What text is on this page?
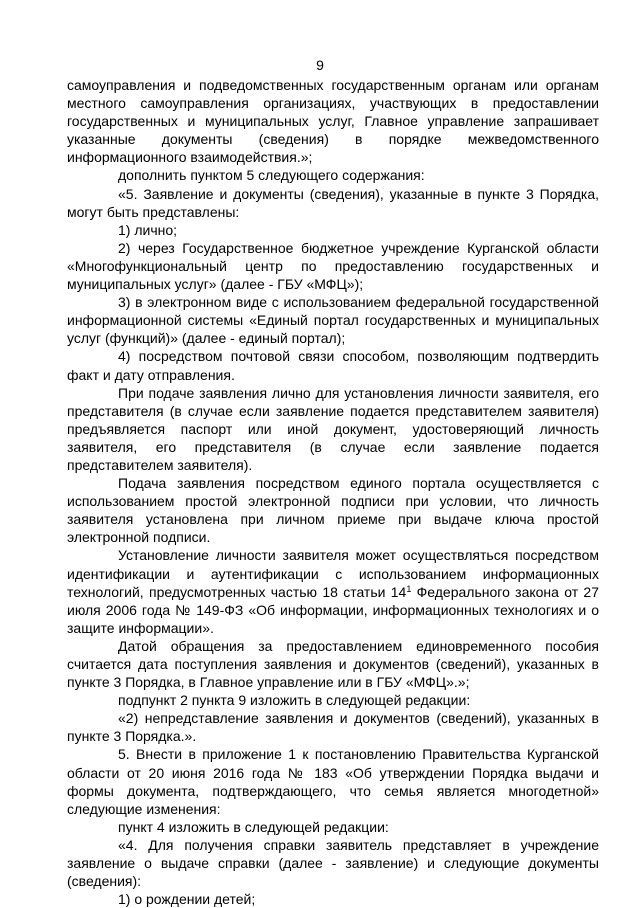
9

самоуправления и подведомственных государственным органам или органам местного самоуправления организациях, участвующих в предоставлении государственных и муниципальных услуг, Главное управление запрашивает указанные документы (сведения) в порядке межведомственного информационного взаимодействия.»;

дополнить пунктом 5 следующего содержания:

«5. Заявление и документы (сведения), указанные в пункте 3 Порядка, могут быть представлены:

1) лично;

2) через Государственное бюджетное учреждение Курганской области «Многофункциональный центр по предоставлению государственных и муниципальных услуг» (далее - ГБУ «МФЦ»);

3) в электронном виде с использованием федеральной государственной информационной системы «Единый портал государственных и муниципальных услуг (функций)» (далее - единый портал);

4) посредством почтовой связи способом, позволяющим подтвердить факт и дату отправления.

При подаче заявления лично для установления личности заявителя, его представителя (в случае если заявление подается представителем заявителя) предъявляется паспорт или иной документ, удостоверяющий личность заявителя, его представителя (в случае если заявление подается представителем заявителя).

Подача заявления посредством единого портала осуществляется с использованием простой электронной подписи при условии, что личность заявителя установлена при личном приеме при выдаче ключа простой электронной подписи.

Установление личности заявителя может осуществляться посредством идентификации и аутентификации с использованием информационных технологий, предусмотренных частью 18 статьи $14^1$ Федерального закона от 27 июля 2006 года № 149-ФЗ «Об информации, информационных технологиях и о защите информации».

Датой обращения за предоставлением единовременного пособия считается дата поступления заявления и документов (сведений), указанных в пункте 3 Порядка, в Главное управление или в ГБУ «МФЦ».»;

подпункт 2 пункта 9 изложить в следующей редакции:

«2) непредставление заявления и документов (сведений), указанных в пункте 3 Порядка.».

5. Внести в приложение 1 к постановлению Правительства Курганской области от 20 июня 2016 года № 183 «Об утверждении Порядка выдачи и формы документа, подтверждающего, что семья является многодетной» следующие изменения:

пункт 4 изложить в следующей редакции:

«4. Для получения справки заявитель представляет в учреждение заявление о выдаче справки (далее - заявление) и следующие документы (сведения):

1) о рождении детей;
